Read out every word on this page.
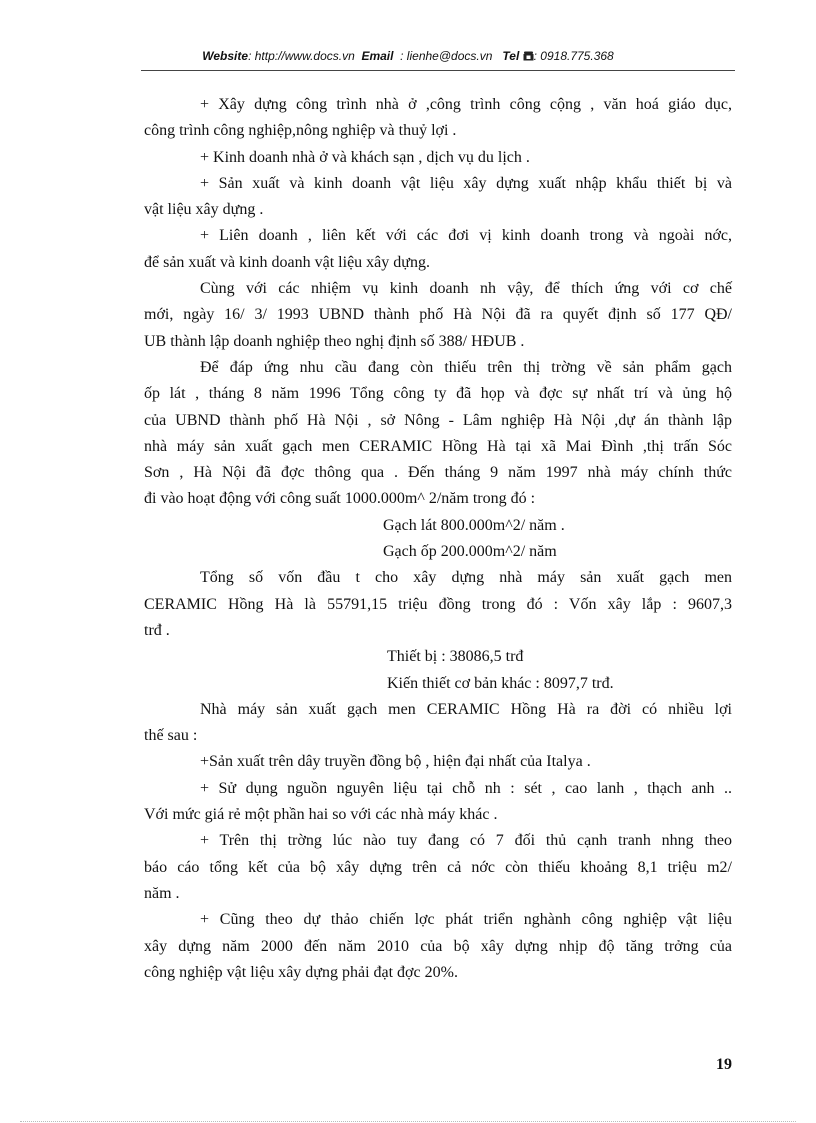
Website: http://www.docs.vn Email : lienhe@docs.vn Tel : 0918.775.368

+ Xây dựng công trình nhà ở ,công trình công cộng , văn hoá giáo dục,

công trình công nghiệp,nông nghiệp và thuỷ lợi .

+ Kinh doanh nhà ở và khách sạn , dịch vụ du lịch .

+ Sản xuất và kinh doanh vật liệu xây dựng xuất nhập khẩu thiết bị và

vật liệu xây dựng .

+ Liên doanh , liên kết với các đơi vị kinh doanh trong và ngoài nớc,

để sản xuất và kinh doanh vật liệu xây dựng.

Cùng với các nhiệm vụ kinh doanh nh vậy, để thích ứng với cơ chế

mới, ngày 16/ 3/ 1993 UBND thành phố Hà Nội đã ra quyết định số 177 QĐ/

UB thành lập doanh nghiệp theo nghị định số 388/ HĐUB .

Để đáp ứng nhu cầu đang còn thiếu trên thị trờng về sản phẩm gạch

ốp lát , tháng 8 năm 1996 Tổng công ty đã họp và đợc sự nhất trí và ủng hộ

của UBND thành phố Hà Nội , sở Nông - Lâm nghiệp Hà Nội ,dự án thành lập

nhà máy sản xuất gạch men CERAMIC Hồng Hà tại xã Mai Đình ,thị trấn Sóc

Sơn , Hà Nội đã đợc thông qua . Đến tháng 9 năm 1997 nhà máy chính thức

đi vào hoạt động với công suất 1000.000m^ 2/năm trong đó :

Gạch lát 800.000m^2/ năm .

Gạch ốp 200.000m^2/ năm

Tổng số vốn đầu t cho xây dựng nhà máy sản xuất gạch men

CERAMIC Hồng Hà là 55791,15 triệu đồng trong đó : Vốn xây lắp : 9607,3

trđ .

Thiết bị : 38086,5 trđ

Kiến thiết cơ bản khác : 8097,7 trđ.

Nhà máy sản xuất gạch men CERAMIC Hồng Hà ra đời có nhiều lợi

thế sau :

+Sản xuất trên dây truyền đồng bộ , hiện đại nhất của Italya .

+ Sử dụng nguồn nguyên liệu tại chỗ nh : sét , cao lanh , thạch anh ..

Với mức giá rẻ một phần hai so với các nhà máy khác .

+ Trên thị trờng lúc nào tuy đang có 7 đối thủ cạnh tranh nhng theo

báo cáo tổng kết của bộ xây dựng trên cả nớc còn thiếu khoảng 8,1 triệu m2/

năm .

+ Cũng theo dự thảo chiến lợc phát triển nghành công nghiệp vật liệu

xây dựng năm 2000 đến năm 2010 của bộ xây dựng nhịp độ tăng trởng của

công nghiệp vật liệu xây dựng phải đạt đợc 20%.

19
